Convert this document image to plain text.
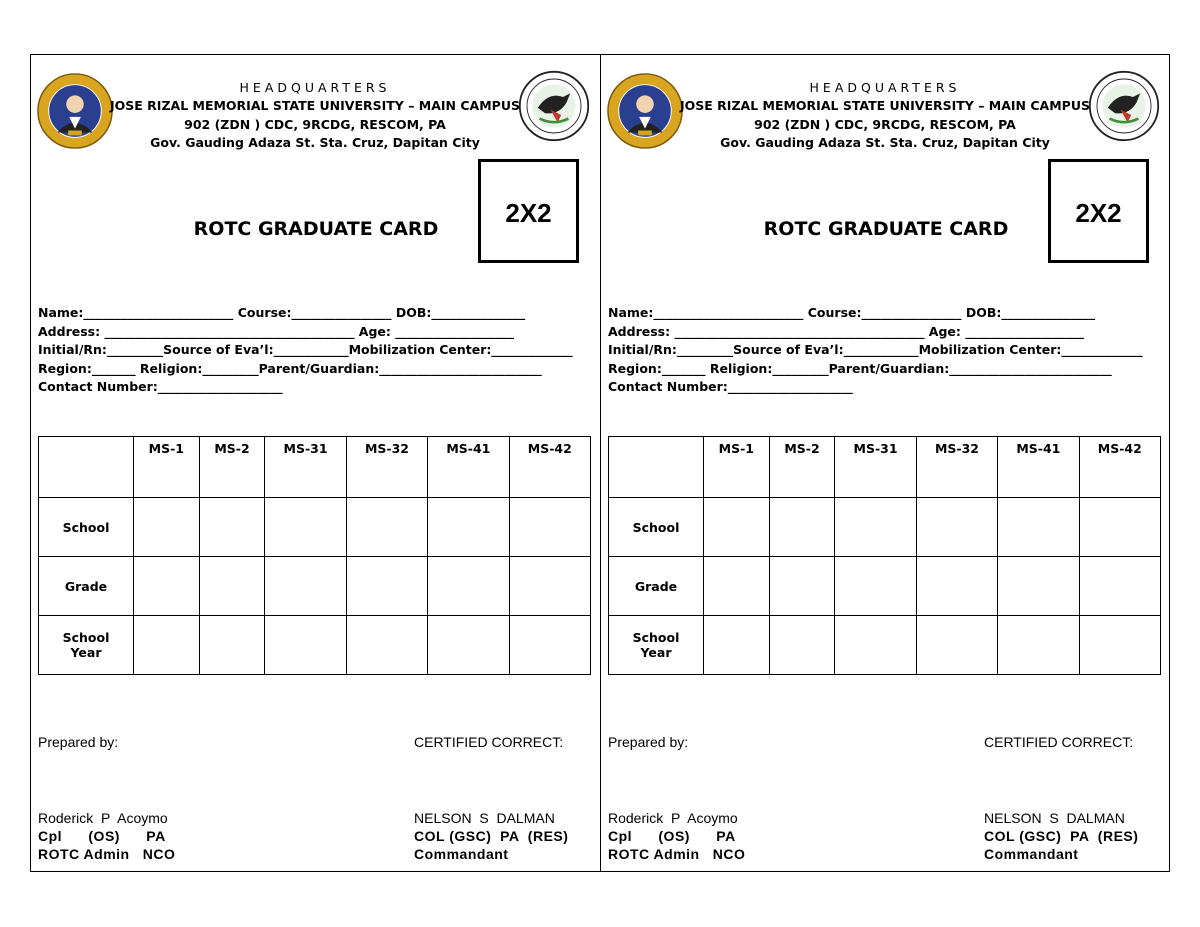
HEADQUARTERS
JOSE RIZAL MEMORIAL STATE UNIVERSITY – MAIN CAMPUS
902 (ZDN ) CDC, 9RCDG, RESCOM, PA
Gov. Gauding Adaza St. Sta. Cruz, Dapitan City
2X2
ROTC GRADUATE CARD
Name:________________________ Course:________________ DOB:_______________
Address: ________________________________________ Age: ___________________
Initial/Rn:_________Source of Eva’l:____________Mobilization Center:_____________
Region:_______ Religion:_________Parent/Guardian:__________________________
Contact Number:____________________
	MS-1	MS-2	MS-31	MS-32	MS-41	MS-42
School						
Grade						
School Year						
Prepared by:	CERTIFIED CORRECT:
Roderick  P  Acoymo
Cpl      (OS)      PA
ROTC Admin   NCO
NELSON  S  DALMAN
COL (GSC)  PA  (RES)
Commandant
HEADQUARTERS
JOSE RIZAL MEMORIAL STATE UNIVERSITY – MAIN CAMPUS
902 (ZDN ) CDC, 9RCDG, RESCOM, PA
Gov. Gauding Adaza St. Sta. Cruz, Dapitan City
2X2
ROTC GRADUATE CARD
Name:________________________ Course:________________ DOB:_______________
Address: ________________________________________ Age: ___________________
Initial/Rn:_________Source of Eva’l:____________Mobilization Center:_____________
Region:_______ Religion:_________Parent/Guardian:__________________________
Contact Number:____________________
	MS-1	MS-2	MS-31	MS-32	MS-41	MS-42
School						
Grade						
School Year						
Prepared by:	CERTIFIED CORRECT:
Roderick  P  Acoymo
Cpl      (OS)      PA
ROTC Admin   NCO
NELSON  S  DALMAN
COL (GSC)  PA  (RES)
Commandant
